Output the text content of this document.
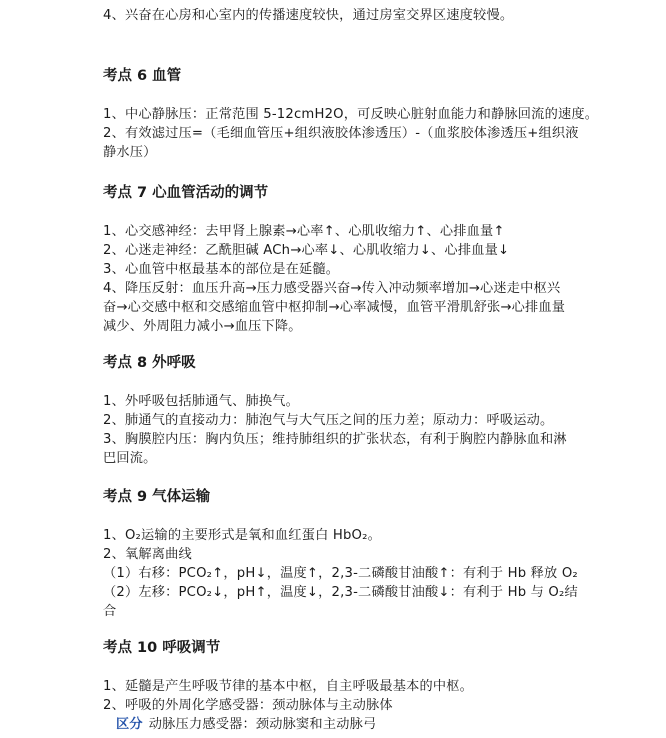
4、兴奋在心房和心室内的传播速度较快，通过房室交界区速度较慢。
考点 6 血管
1、中心静脉压：正常范围 5-12cmH2O，可反映心脏射血能力和静脉回流的速度。
2、有效滤过压=（毛细血管压+组织液胶体渗透压）-（血浆胶体渗透压+组织液
静水压）
考点 7 心血管活动的调节
1、心交感神经：去甲肾上腺素→心率↑、心肌收缩力↑、心排血量↑
2、心迷走神经：乙酰胆碱 ACh→心率↓、心肌收缩力↓、心排血量↓
3、心血管中枢最基本的部位是在延髓。
4、降压反射：血压升高→压力感受器兴奋→传入冲动频率增加→心迷走中枢兴
奋→心交感中枢和交感缩血管中枢抑制→心率减慢，血管平滑肌舒张→心排血量
减少、外周阻力减小→血压下降。
考点 8 外呼吸
1、外呼吸包括肺通气、肺换气。
2、肺通气的直接动力：肺泡气与大气压之间的压力差；原动力：呼吸运动。
3、胸膜腔内压：胸内负压；维持肺组织的扩张状态，有利于胸腔内静脉血和淋
巴回流。
考点 9 气体运输
1、O₂运输的主要形式是氧和血红蛋白 HbO₂。
2、氧解离曲线
（1）右移：PCO₂↑，pH↓，温度↑，2,3-二磷酸甘油酸↑：有利于 Hb 释放 O₂
（2）左移：PCO₂↓，pH↑，温度↓，2,3-二磷酸甘油酸↓：有利于 Hb 与 O₂结
合
考点 10 呼吸调节
1、延髓是产生呼吸节律的基本中枢，自主呼吸最基本的中枢。
2、呼吸的外周化学感受器：颈动脉体与主动脉体
区分 动脉压力感受器：颈动脉窦和主动脉弓
